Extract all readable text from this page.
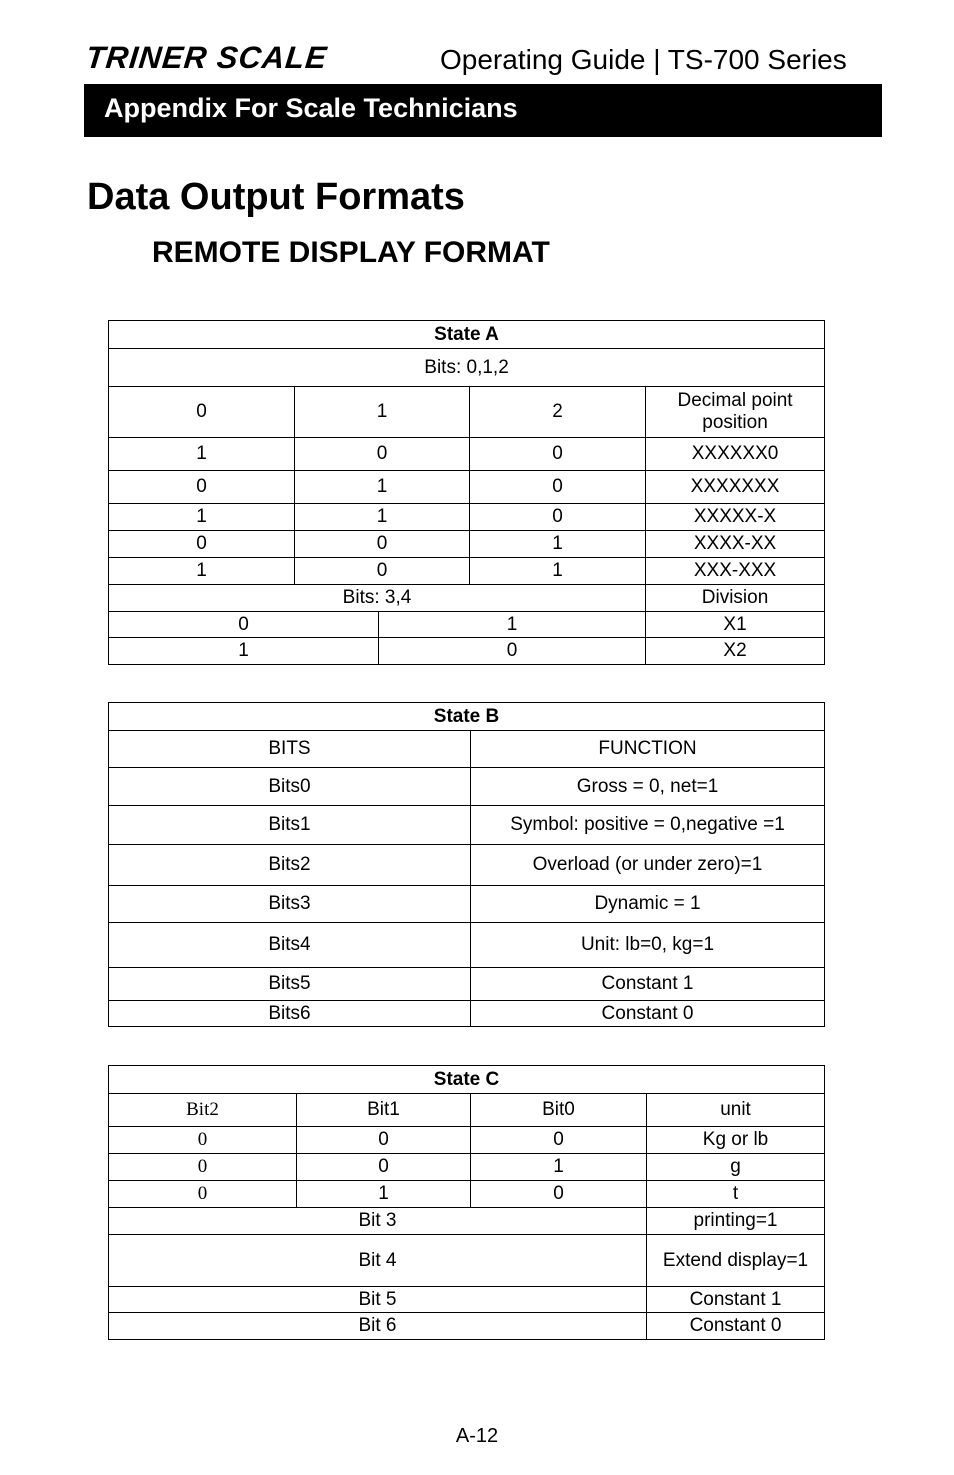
TRINER SCALE	Operating Guide | TS-700 Series
Appendix For Scale Technicians
Data Output Formats
REMOTE DISPLAY FORMAT
State A				
Bits: 0,1,2				
0	1		2	Decimal point position
1	0		0	XXXXXX0
0	1		0	XXXXXXX
1	1		0	XXXXX-X
0	0		1	XXXX-XX
1	0		1	XXX-XXX
Bits: 3,4				Division
0		1		X1
1		0		X2
State B	
BITS	FUNCTION
Bits0	Gross = 0, net=1
Bits1	Symbol: positive = 0,negative =1
Bits2	Overload (or under zero)=1
Bits3	Dynamic = 1
Bits4	Unit: lb=0, kg=1
Bits5	Constant 1
Bits6	Constant 0
State C			
Bit2	Bit1	Bit0	unit
0	0	0	Kg or lb
0	0	1	g
0	1	0	t
Bit 3			printing=1
Bit 4			Extend display=1
Bit 5			Constant 1
Bit 6			Constant 0
A-12
